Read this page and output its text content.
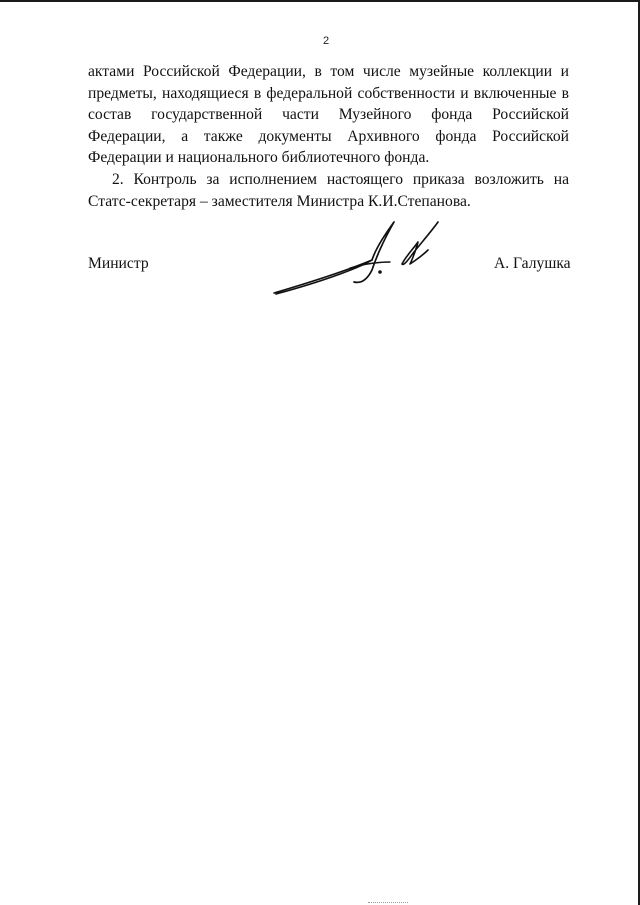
2

актами Российской Федерации, в том числе музейные коллекции и предметы, находящиеся в федеральной собственности и включенные в состав государственной части Музейного фонда Российской Федерации, а также документы Архивного фонда Российской Федерации и национального библиотечного фонда.

2. Контроль за исполнением настоящего приказа возложить на Статс-секретаря – заместителя Министра К.И.Степанова.

Министр	А. Галушка
